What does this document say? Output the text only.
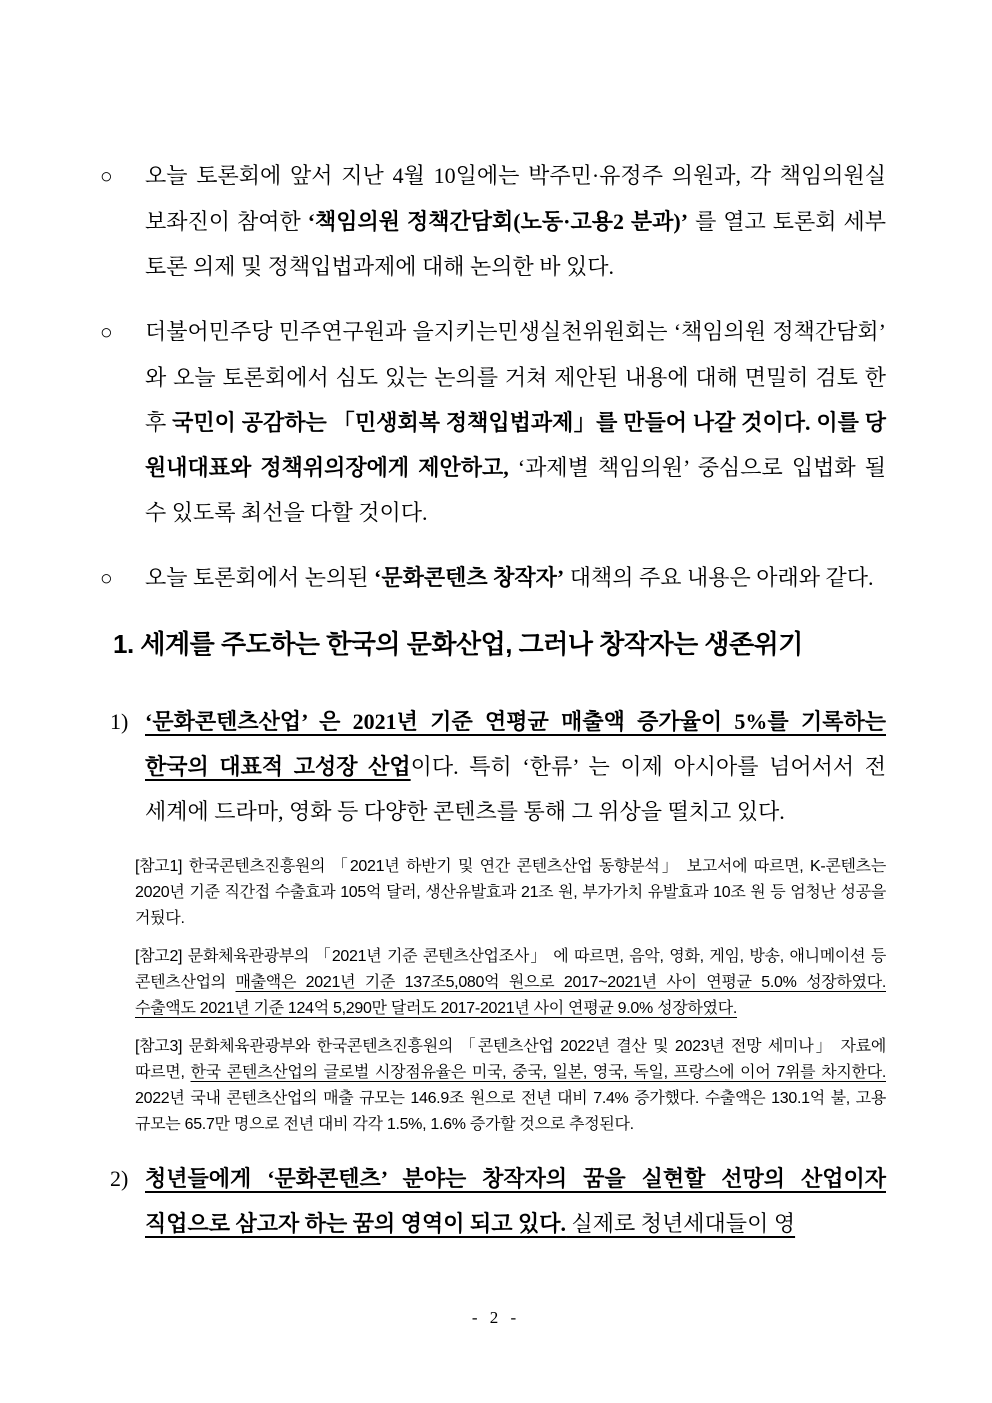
○ 오늘 토론회에 앞서 지난 4월 10일에는 박주민·유정주 의원과, 각 책임의원실 보좌진이 참여한 ‘책임의원 정책간담회(노동·고용2 분과)’ 를 열고 토론회 세부 토론 의제 및 정책입법과제에 대해 논의한 바 있다.
○ 더불어민주당 민주연구원과 을지키는민생실천위원회는 ‘책임의원 정책간담회’ 와 오늘 토론회에서 심도 있는 논의를 거쳐 제안된 내용에 대해 면밀히 검토 한 후 국민이 공감하는 「민생회복 정책입법과제」를 만들어 나갈 것이다. 이를 당 원내대표와 정책위의장에게 제안하고, ‘과제별 책임의원’ 중심으로 입법화 될 수 있도록 최선을 다할 것이다.
○ 오늘 토론회에서 논의된 ‘문화콘텐츠 창작자’ 대책의 주요 내용은 아래와 같다.
1. 세계를 주도하는 한국의 문화산업, 그러나 창작자는 생존위기
1) ‘문화콘텐츠산업’ 은 2021년 기준 연평균 매출액 증가율이 5%를 기록하는 한국의 대표적 고성장 산업이다. 특히 ‘한류’ 는 이제 아시아를 넘어서서 전 세계에 드라마, 영화 등 다양한 콘텐츠를 통해 그 위상을 떨치고 있다.
[참고1] 한국콘텐츠진흥원의 「2021년 하반기 및 연간 콘텐츠산업 동향분석」 보고서에 따르면, K-콘텐츠는 2020년 기준 직간접 수출효과 105억 달러, 생산유발효과 21조 원, 부가가치 유발효과 10조 원 등 엄청난 성공을 거뒀다.
[참고2] 문화체육관광부의 「2021년 기준 콘텐츠산업조사」 에 따르면, 음악, 영화, 게임, 방송, 애니메이션 등 콘텐츠산업의 매출액은 2021년 기준 137조5,080억 원으로 2017~2021년 사이 연평균 5.0% 성장하였다. 수출액도 2021년 기준 124억 5,290만 달러도 2017-2021년 사이 연평균 9.0% 성장하였다.
[참고3] 문화체육관광부와 한국콘텐츠진흥원의 「콘텐츠산업 2022년 결산 및 2023년 전망 세미나」 자료에 따르면, 한국 콘텐츠산업의 글로벌 시장점유율은 미국, 중국, 일본, 영국, 독일, 프랑스에 이어 7위를 차지한다. 2022년 국내 콘텐츠산업의 매출 규모는 146.9조 원으로 전년 대비 7.4% 증가했다. 수출액은 130.1억 불, 고용 규모는 65.7만 명으로 전년 대비 각각 1.5%, 1.6% 증가할 것으로 추정된다.
2) 청년들에게 ‘문화콘텐츠’ 분야는 창작자의 꿈을 실현할 선망의 산업이자 직업으로 삼고자 하는 꿈의 영역이 되고 있다. 실제로 청년세대들이 영
- 2 -
